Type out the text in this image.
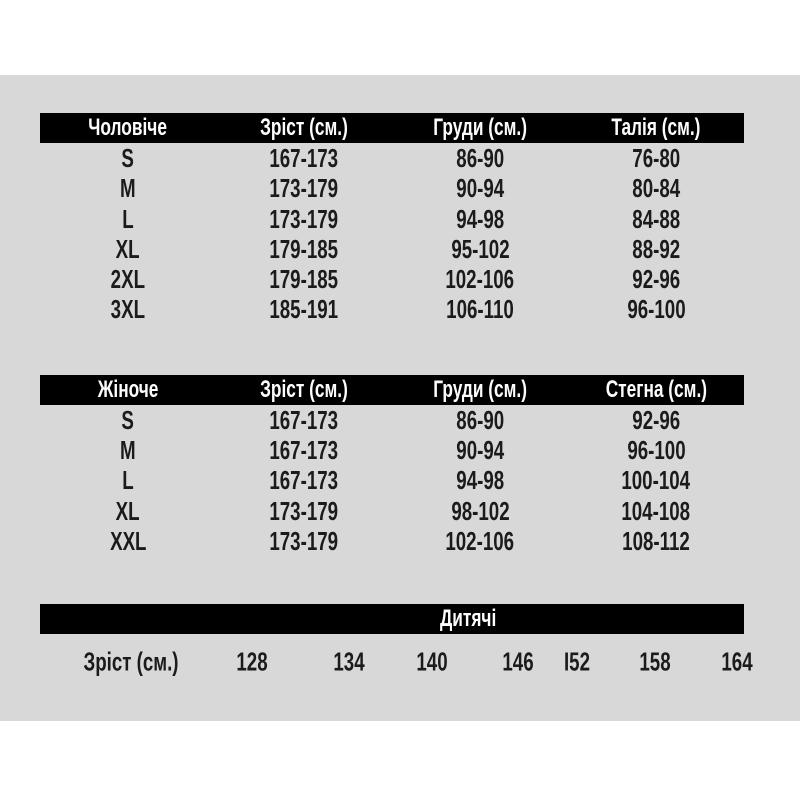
Чоловіче	Зріст (см.)	Груди (см.)	Талія (см.)
S	167-173	86-90	76-80
M	173-179	90-94	80-84
L	173-179	94-98	84-88
XL	179-185	95-102	88-92
2XL	179-185	102-106	92-96
3XL	185-191	106-110	96-100
Жіноче	Зріст (см.)	Груди (см.)	Стегна (см.)
S	167-173	86-90	92-96
M	167-173	90-94	96-100
L	167-173	94-98	100-104
XL	173-179	98-102	104-108
XXL	173-179	102-106	108-112
Дитячі
Зріст (см.) 128	134 140 146 I52 158 164
